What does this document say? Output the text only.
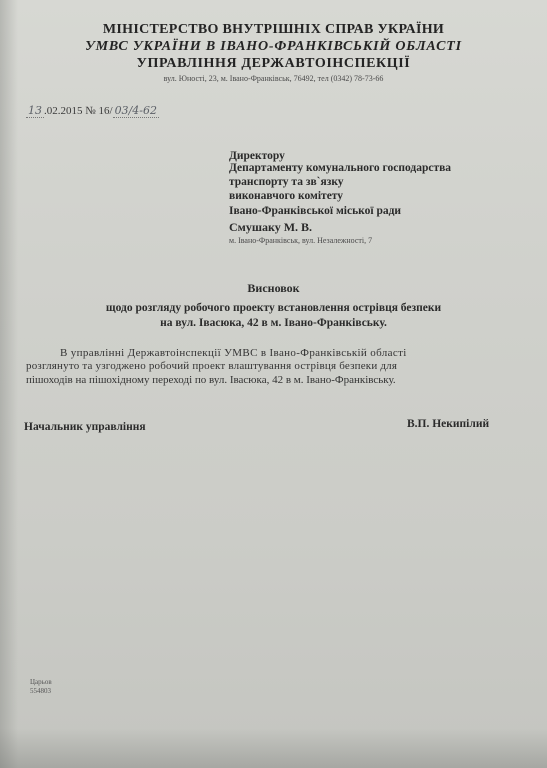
МІНІСТЕРСТВО ВНУТРІШНІХ СПРАВ УКРАЇНИ
УМВС УКРАЇНИ В ІВАНО-ФРАНКІВСЬКІЙ ОБЛАСТІ
УПРАВЛІННЯ ДЕРЖАВТОІНСПЕКЦІЇ
вул. Юності, 23, м. Івано-Франківськ, 76492, тел (0342) 78-73-66
13 .02.2015 № 16/ 03/4-62
Директору
Департаменту комунального господарства
транспорту та зв`язку
виконавчого комітету
Івано-Франківської міської ради
Смушаку М. В.
м. Івано-Франківськ, вул. Незалежності, 7
Висновок
щодо розгляду робочого проекту встановлення острівця безпеки
на вул. Івасюка, 42 в м. Івано-Франківську.
В управлінні Державтоінспекції УМВС в Івано-Франківській області
розглянуто та узгоджено робочий проект влаштування острівця безпеки для
пішоходів на пішохідному переході по вул. Івасюка, 42 в м. Івано-Франківську.
Начальник управління	В.П. Некипілий
Царьов
554803
